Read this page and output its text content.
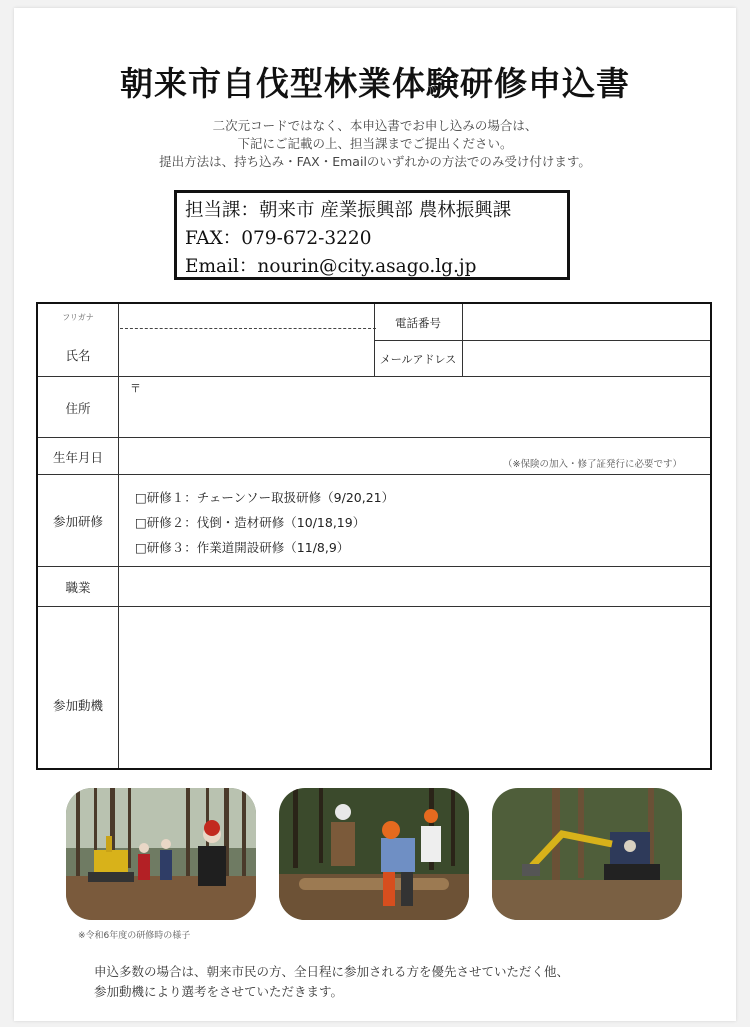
朝来市自伐型林業体験研修申込書
二次元コードではなく、本申込書でお申し込みの場合は、
下記にご記載の上、担当課までご提出ください。
提出方法は、持ち込み・FAX・Emailのいずれかの方法でのみ受け付けます。
担当課：朝来市 産業振興部 農林振興課
FAX：079-672-3220
Email：nourin@city.asago.lg.jp
フリガナ
氏名
電話番号
メールアドレス
住所
〒
生年月日	（※保険の加入・修了証発行に必要です）
参加研修
□研修１：チェーンソー取扱研修（9/20,21）
□研修２：伐倒・造材研修（10/18,19）
□研修３：作業道開設研修（11/8,9）
職業
参加動機
※令和6年度の研修時の様子
申込多数の場合は、朝来市民の方、全日程に参加される方を優先させていただく他、
参加動機により選考をさせていただきます。
